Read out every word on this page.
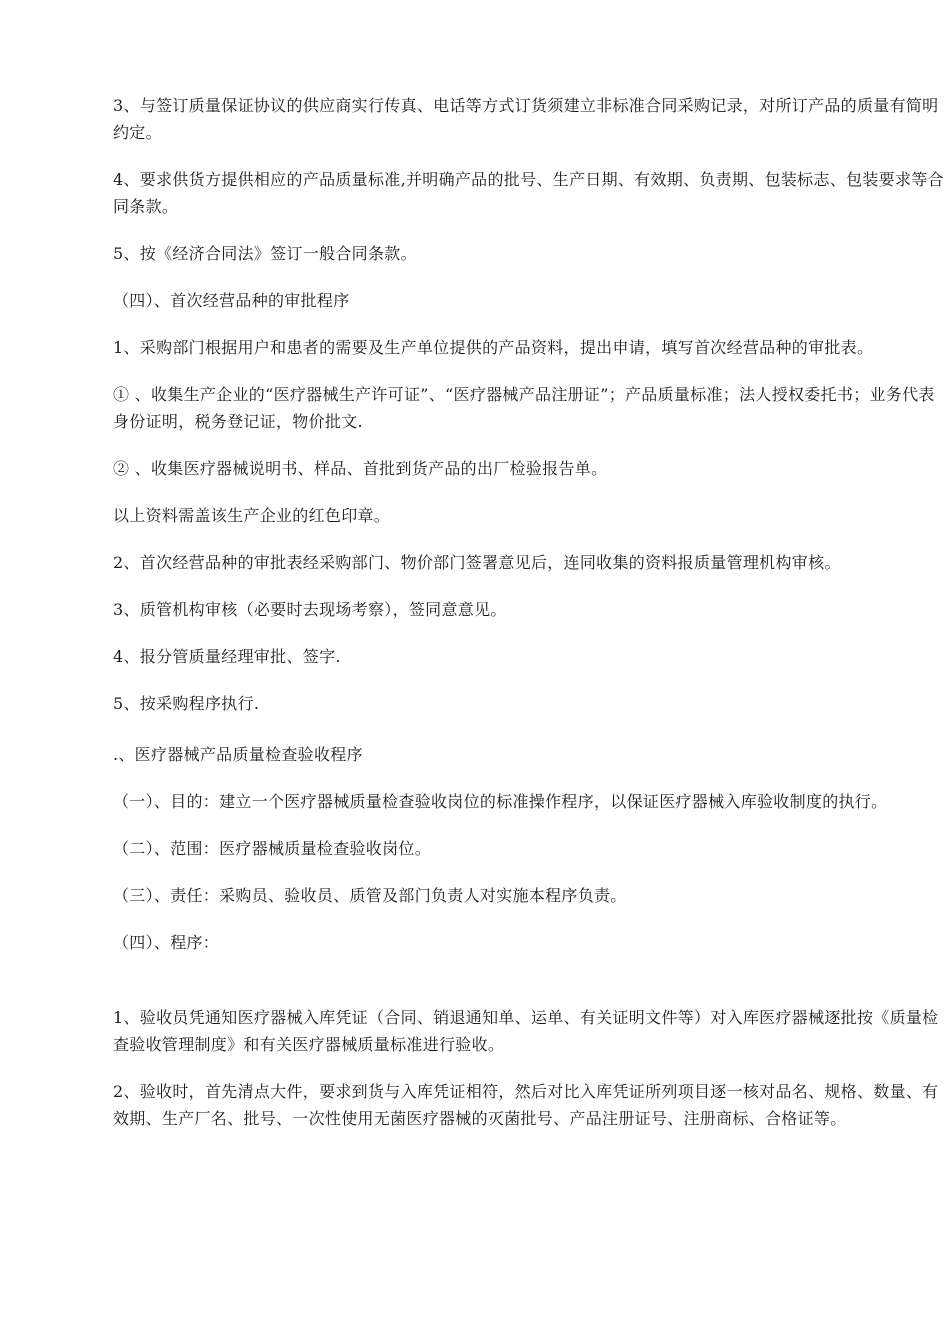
3、与签订质量保证协议的供应商实行传真、电话等方式订货须建立非标准合同采购记录，对所订产品的质量有简明约定。

4、要求供货方提供相应的产品质量标准,并明确产品的批号、生产日期、有效期、负责期、包装标志、包装要求等合同条款。

5、按《经济合同法》签订一般合同条款。

（四）、首次经营品种的审批程序

1、采购部门根据用户和患者的需要及生产单位提供的产品资料，提出申请，填写首次经营品种的审批表。

① 、收集生产企业的“医疗器械生产许可证”、“医疗器械产品注册证”；产品质量标准；法人授权委托书；业务代表身份证明，税务登记证，物价批文.

② 、收集医疗器械说明书、样品、首批到货产品的出厂检验报告单。

以上资料需盖该生产企业的红色印章。

2、首次经营品种的审批表经采购部门、物价部门签署意见后，连同收集的资料报质量管理机构审核。

3、质管机构审核（必要时去现场考察），签同意意见。

4、报分管质量经理审批、签字.

5、按采购程序执行.

.、医疗器械产品质量检查验收程序

（一）、目的：建立一个医疗器械质量检查验收岗位的标准操作程序，以保证医疗器械入库验收制度的执行。

（二）、范围：医疗器械质量检查验收岗位。

（三）、责任：采购员、验收员、质管及部门负责人对实施本程序负责。

（四）、程序：

1、验收员凭通知医疗器械入库凭证（合同、销退通知单、运单、有关证明文件等）对入库医疗器械逐批按《质量检查验收管理制度》和有关医疗器械质量标准进行验收。

2、验收时，首先清点大件，要求到货与入库凭证相符，然后对比入库凭证所列项目逐一核对品名、规格、数量、有效期、生产厂名、批号、一次性使用无菌医疗器械的灭菌批号、产品注册证号、注册商标、合格证等。
